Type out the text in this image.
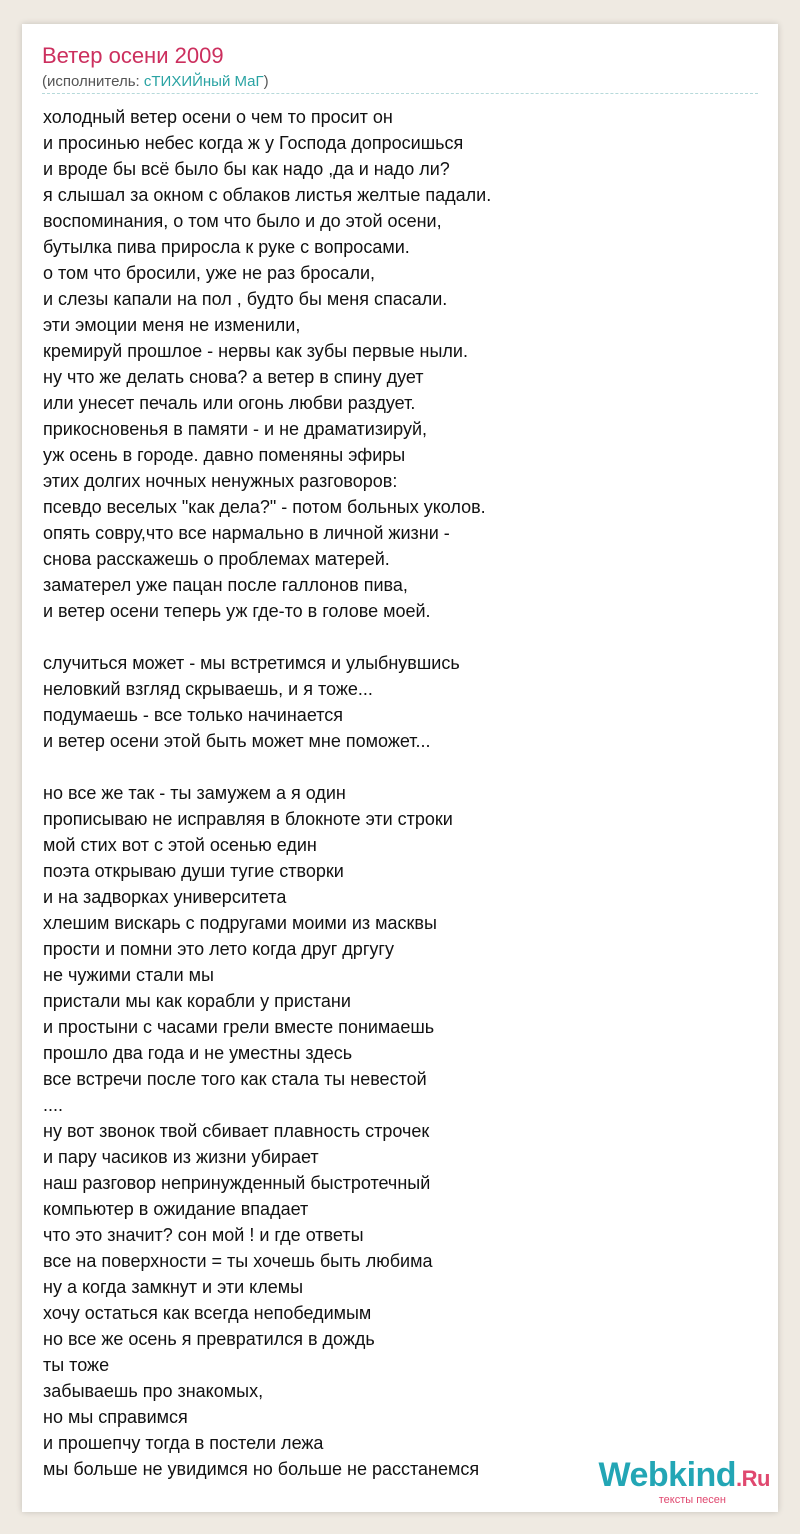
Ветер осени 2009
(исполнитель: сТИХИЙный МаГ)
холодный ветер осени о чем то просит он
и просинью небес когда ж у Господа допросишься
и вроде бы всё было бы как надо ,да и надо ли?
я слышал за окном с облаков листья желтые падали.
воспоминания, о том что было и до этой осени,
бутылка пива приросла к руке с вопросами.
о том что бросили, уже не раз бросали,
и слезы капали на пол , будто бы меня спасали.
эти эмоции меня не изменили,
кремируй прошлое - нервы как зубы первые ныли.
ну что же делать снова? а ветер в спину дует
или унесет печаль или огонь любви раздует.
прикосновенья в памяти - и не драматизируй,
уж осень в городе. давно поменяны эфиры
этих долгих ночных ненужных разговоров:
псевдо веселых "как дела?" - потом больных уколов.
опять совру,что все нармально в личной жизни -
снова расскажешь о проблемах матерей.
заматерел уже пацан после галлонов пива,
и ветер осени теперь уж где-то в голове моей.
случиться может - мы встретимся и улыбнувшись
неловкий взгляд скрываешь, и я тоже...
подумаешь - все только начинается
и ветер осени этой быть может мне поможет...
но все же так - ты замужем а я один
прописываю не исправляя в блокноте эти строки
мой стих вот с этой осенью един
поэта открываю души тугие створки
и на задворках университета
хлешим вискарь с подругами моими из масквы
прости и помни это лето когда друг дргугу
не чужими стали мы
пристали мы как корабли у пристани
и простыни с часами грели вместе понимаешь
прошло два года и не уместны здесь
все встречи после того как стала ты невестой
....
ну вот звонок твой сбивает плавность строчек
и пару часиков из жизни убирает
наш разговор непринужденный быстротечный
компьютер в ожидание впадает
что это значит? сон мой ! и где ответы
все на поверхности = ты хочешь быть любима
ну а когда замкнут и эти клемы
хочу остаться как всегда непобедимым
но все же осень я превратился в дождь
ты тоже
забываешь про знакомых,
но мы справимся
и прошепчу тогда в постели лежа
мы больше не увидимся но больше не расстанемся	Webkind.Ru
тексты песен
